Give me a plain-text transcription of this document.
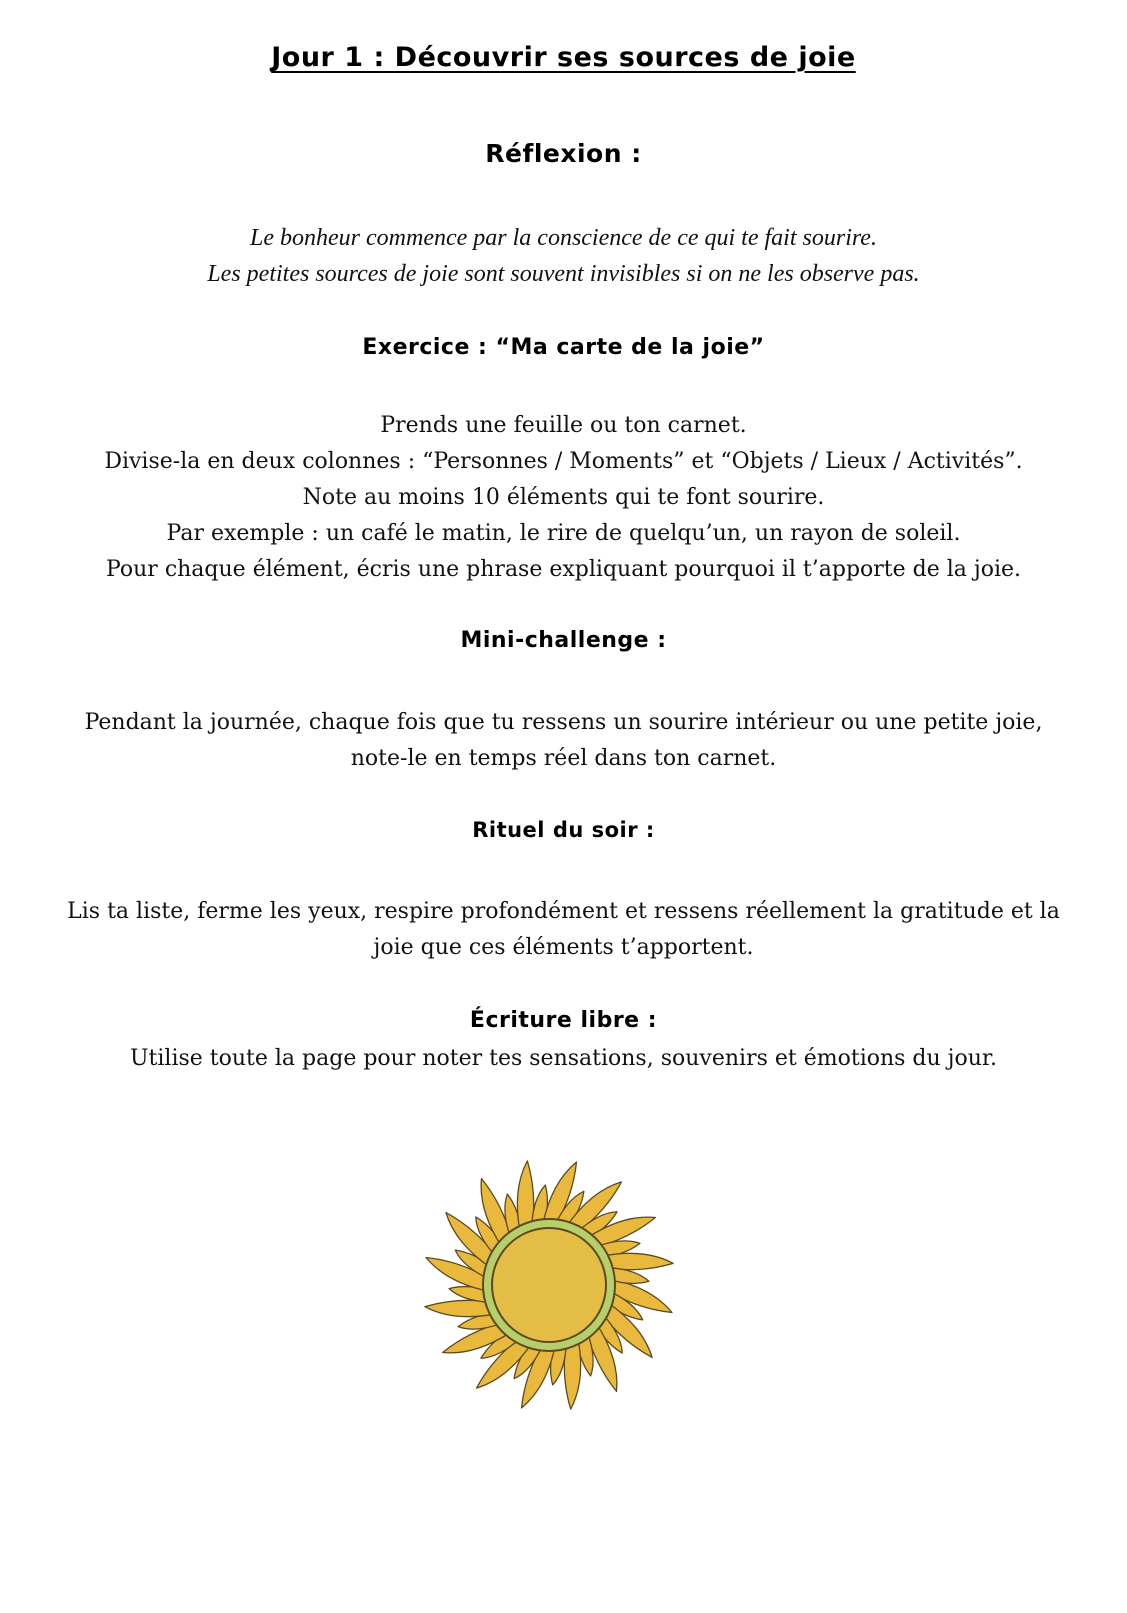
Jour 1 : Découvrir ses sources de joie
Réflexion :
Le bonheur commence par la conscience de ce qui te fait sourire.
Les petites sources de joie sont souvent invisibles si on ne les observe pas.
Exercice : “Ma carte de la joie”
Prends une feuille ou ton carnet.
Divise-la en deux colonnes : “Personnes / Moments” et “Objets / Lieux / Activités”.
Note au moins 10 éléments qui te font sourire.
Par exemple : un café le matin, le rire de quelqu’un, un rayon de soleil.
Pour chaque élément, écris une phrase expliquant pourquoi il t’apporte de la joie.
Mini-challenge :
Pendant la journée, chaque fois que tu ressens un sourire intérieur ou une petite joie,
note-le en temps réel dans ton carnet.
Rituel du soir :
Lis ta liste, ferme les yeux, respire profondément et ressens réellement la gratitude et la
joie que ces éléments t’apportent.
Écriture libre :
Utilise toute la page pour noter tes sensations, souvenirs et émotions du jour.
